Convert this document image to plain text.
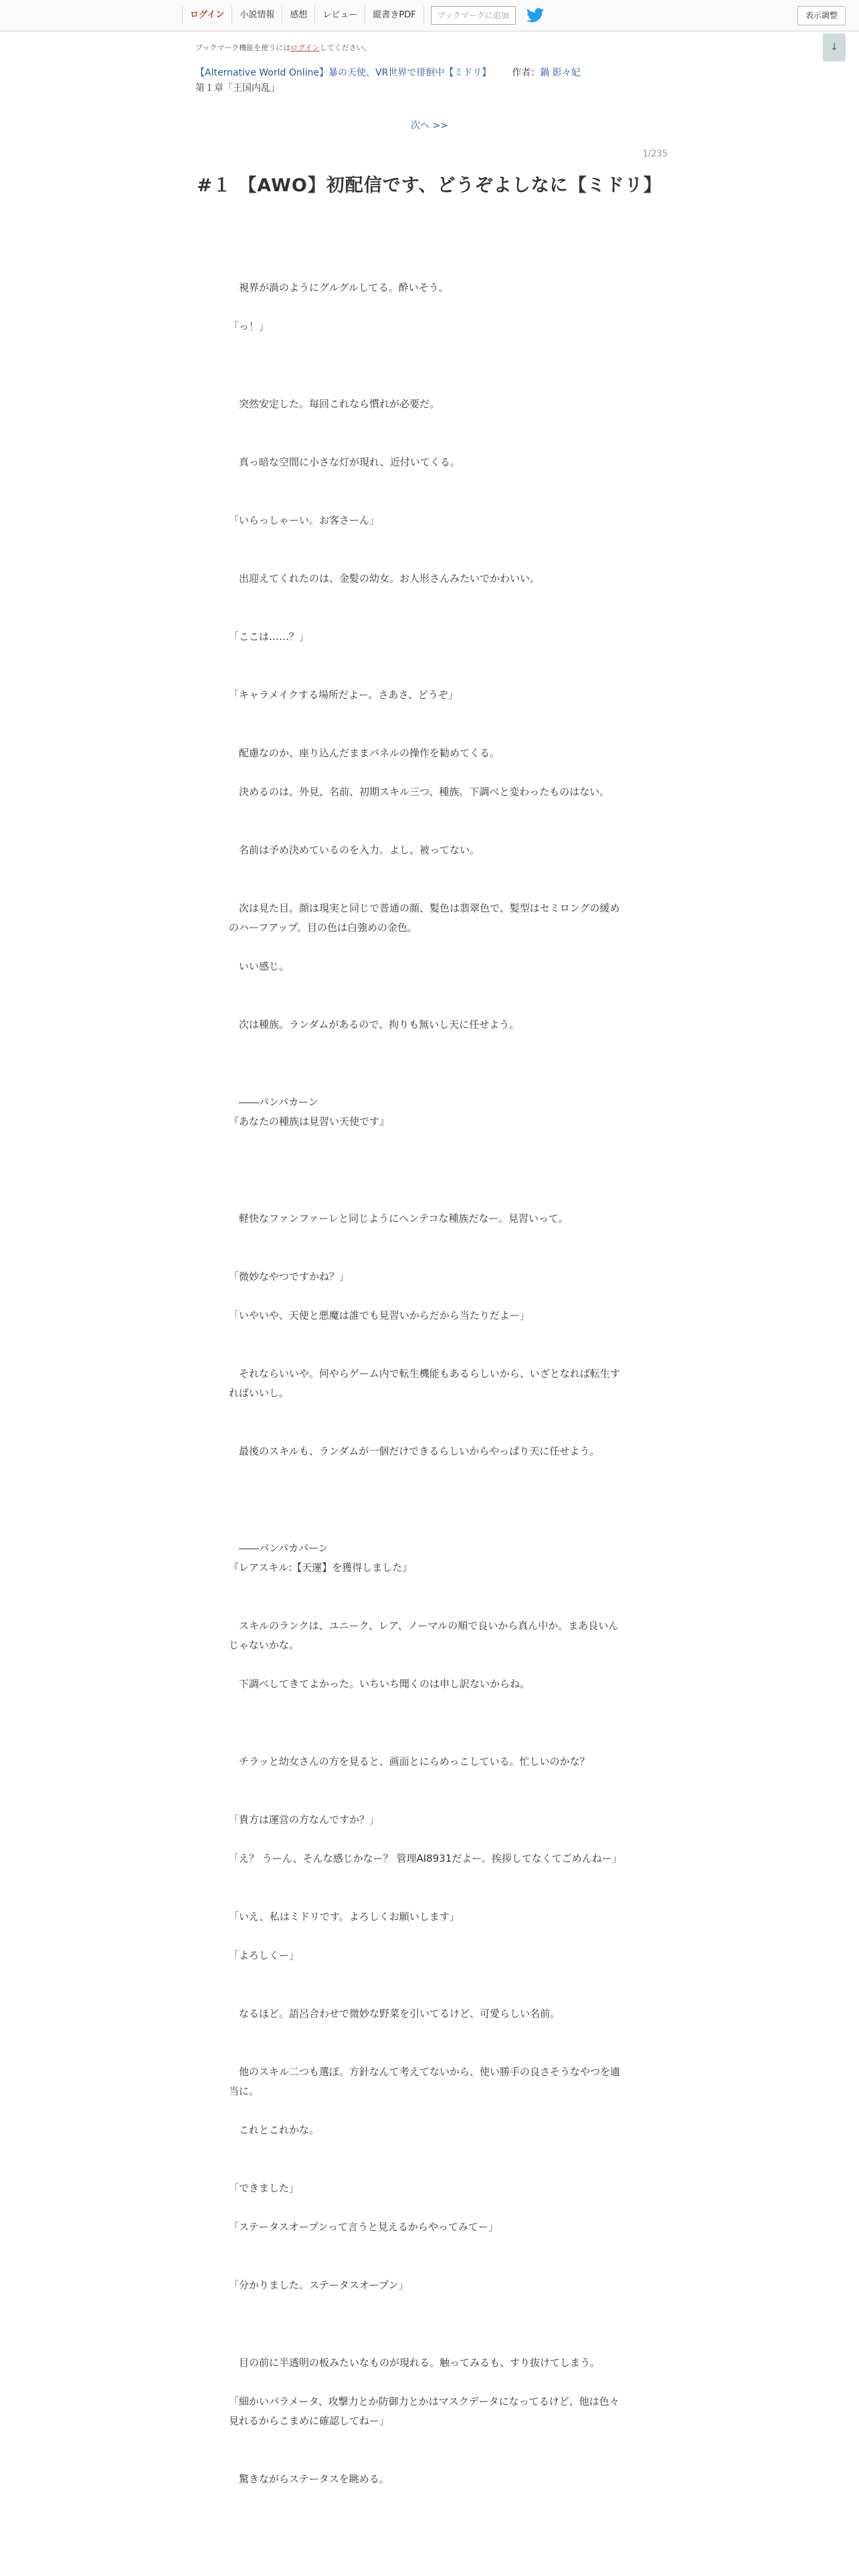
ログイン	小説情報	感想	レビュー	縦書きPDF	ブックマークに追加	表示調整
↓
ブックマーク機能を使うにはログインしてください。
【Alternative World Online】暴の天使、VR世界で徘徊中【ミドリ】 作者：鍋 影々妃
第１章「王国内乱」
次へ >>
1/235
#１ 【AWO】初配信です、どうぞよしなに【ミドリ】
　視界が渦のようにグルグルしてる。酔いそう。
「っ！」
　突然安定した。毎回これなら慣れが必要だ。
　真っ暗な空間に小さな灯が現れ、近付いてくる。
「いらっしゃーい。お客さーん」
　出迎えてくれたのは、金髪の幼女。お人形さんみたいでかわいい。
「ここは……？」
「キャラメイクする場所だよー。さあさ、どうぞ」
　配慮なのか、座り込んだままパネルの操作を勧めてくる。
　決めるのは、外見、名前、初期スキル三つ、種族。下調べと変わったものはない。
　名前は予め決めているのを入力。よし、被ってない。
　次は見た目。顔は現実と同じで普通の顔、髪色は翡翠色で、髪型はセミロングの緩めのハーフアップ。目の色は白強めの金色。
　いい感じ。
　次は種族。ランダムがあるので、拘りも無いし天に任せよう。
　――パンパカーン
『あなたの種族は見習い天使です』
　軽快なファンファーレと同じようにヘンテコな種族だなー。見習いって。
「微妙なやつですかね？」
「いやいや、天使と悪魔は誰でも見習いからだから当たりだよー」
　それならいいや。何やらゲーム内で転生機能もあるらしいから、いざとなれば転生すればいいし。
　最後のスキルも、ランダムが一個だけできるらしいからやっぱり天に任せよう。
　――パンパカパーン
『レアスキル:【天運】を獲得しました』
　スキルのランクは、ユニーク、レア、ノーマルの順で良いから真ん中か。まあ良いんじゃないかな。
　下調べしてきてよかった。いちいち聞くのは申し訳ないからね。
　チラッと幼女さんの方を見ると、画面とにらめっこしている。忙しいのかな？
「貴方は運営の方なんですか？」
「え？ うーん、そんな感じかなー？ 管理AI8931だよー。挨拶してなくてごめんねー」
「いえ、私はミドリです。よろしくお願いします」
「よろしくー」
　なるほど。語呂合わせで微妙な野菜を引いてるけど、可愛らしい名前。
　他のスキル二つも選ぼ。方針なんて考えてないから、使い勝手の良さそうなやつを適当に。
　これとこれかな。
「できました」
「ステータスオープンって言うと見えるからやってみてー」
「分かりました。ステータスオープン」
　目の前に半透明の板みたいなものが現れる。触ってみるも、すり抜けてしまう。
「細かいパラメータ、攻撃力とか防御力とかはマスクデータになってるけど、他は色々見れるからこまめに確認してねー」
　驚きながらステータスを眺める。
